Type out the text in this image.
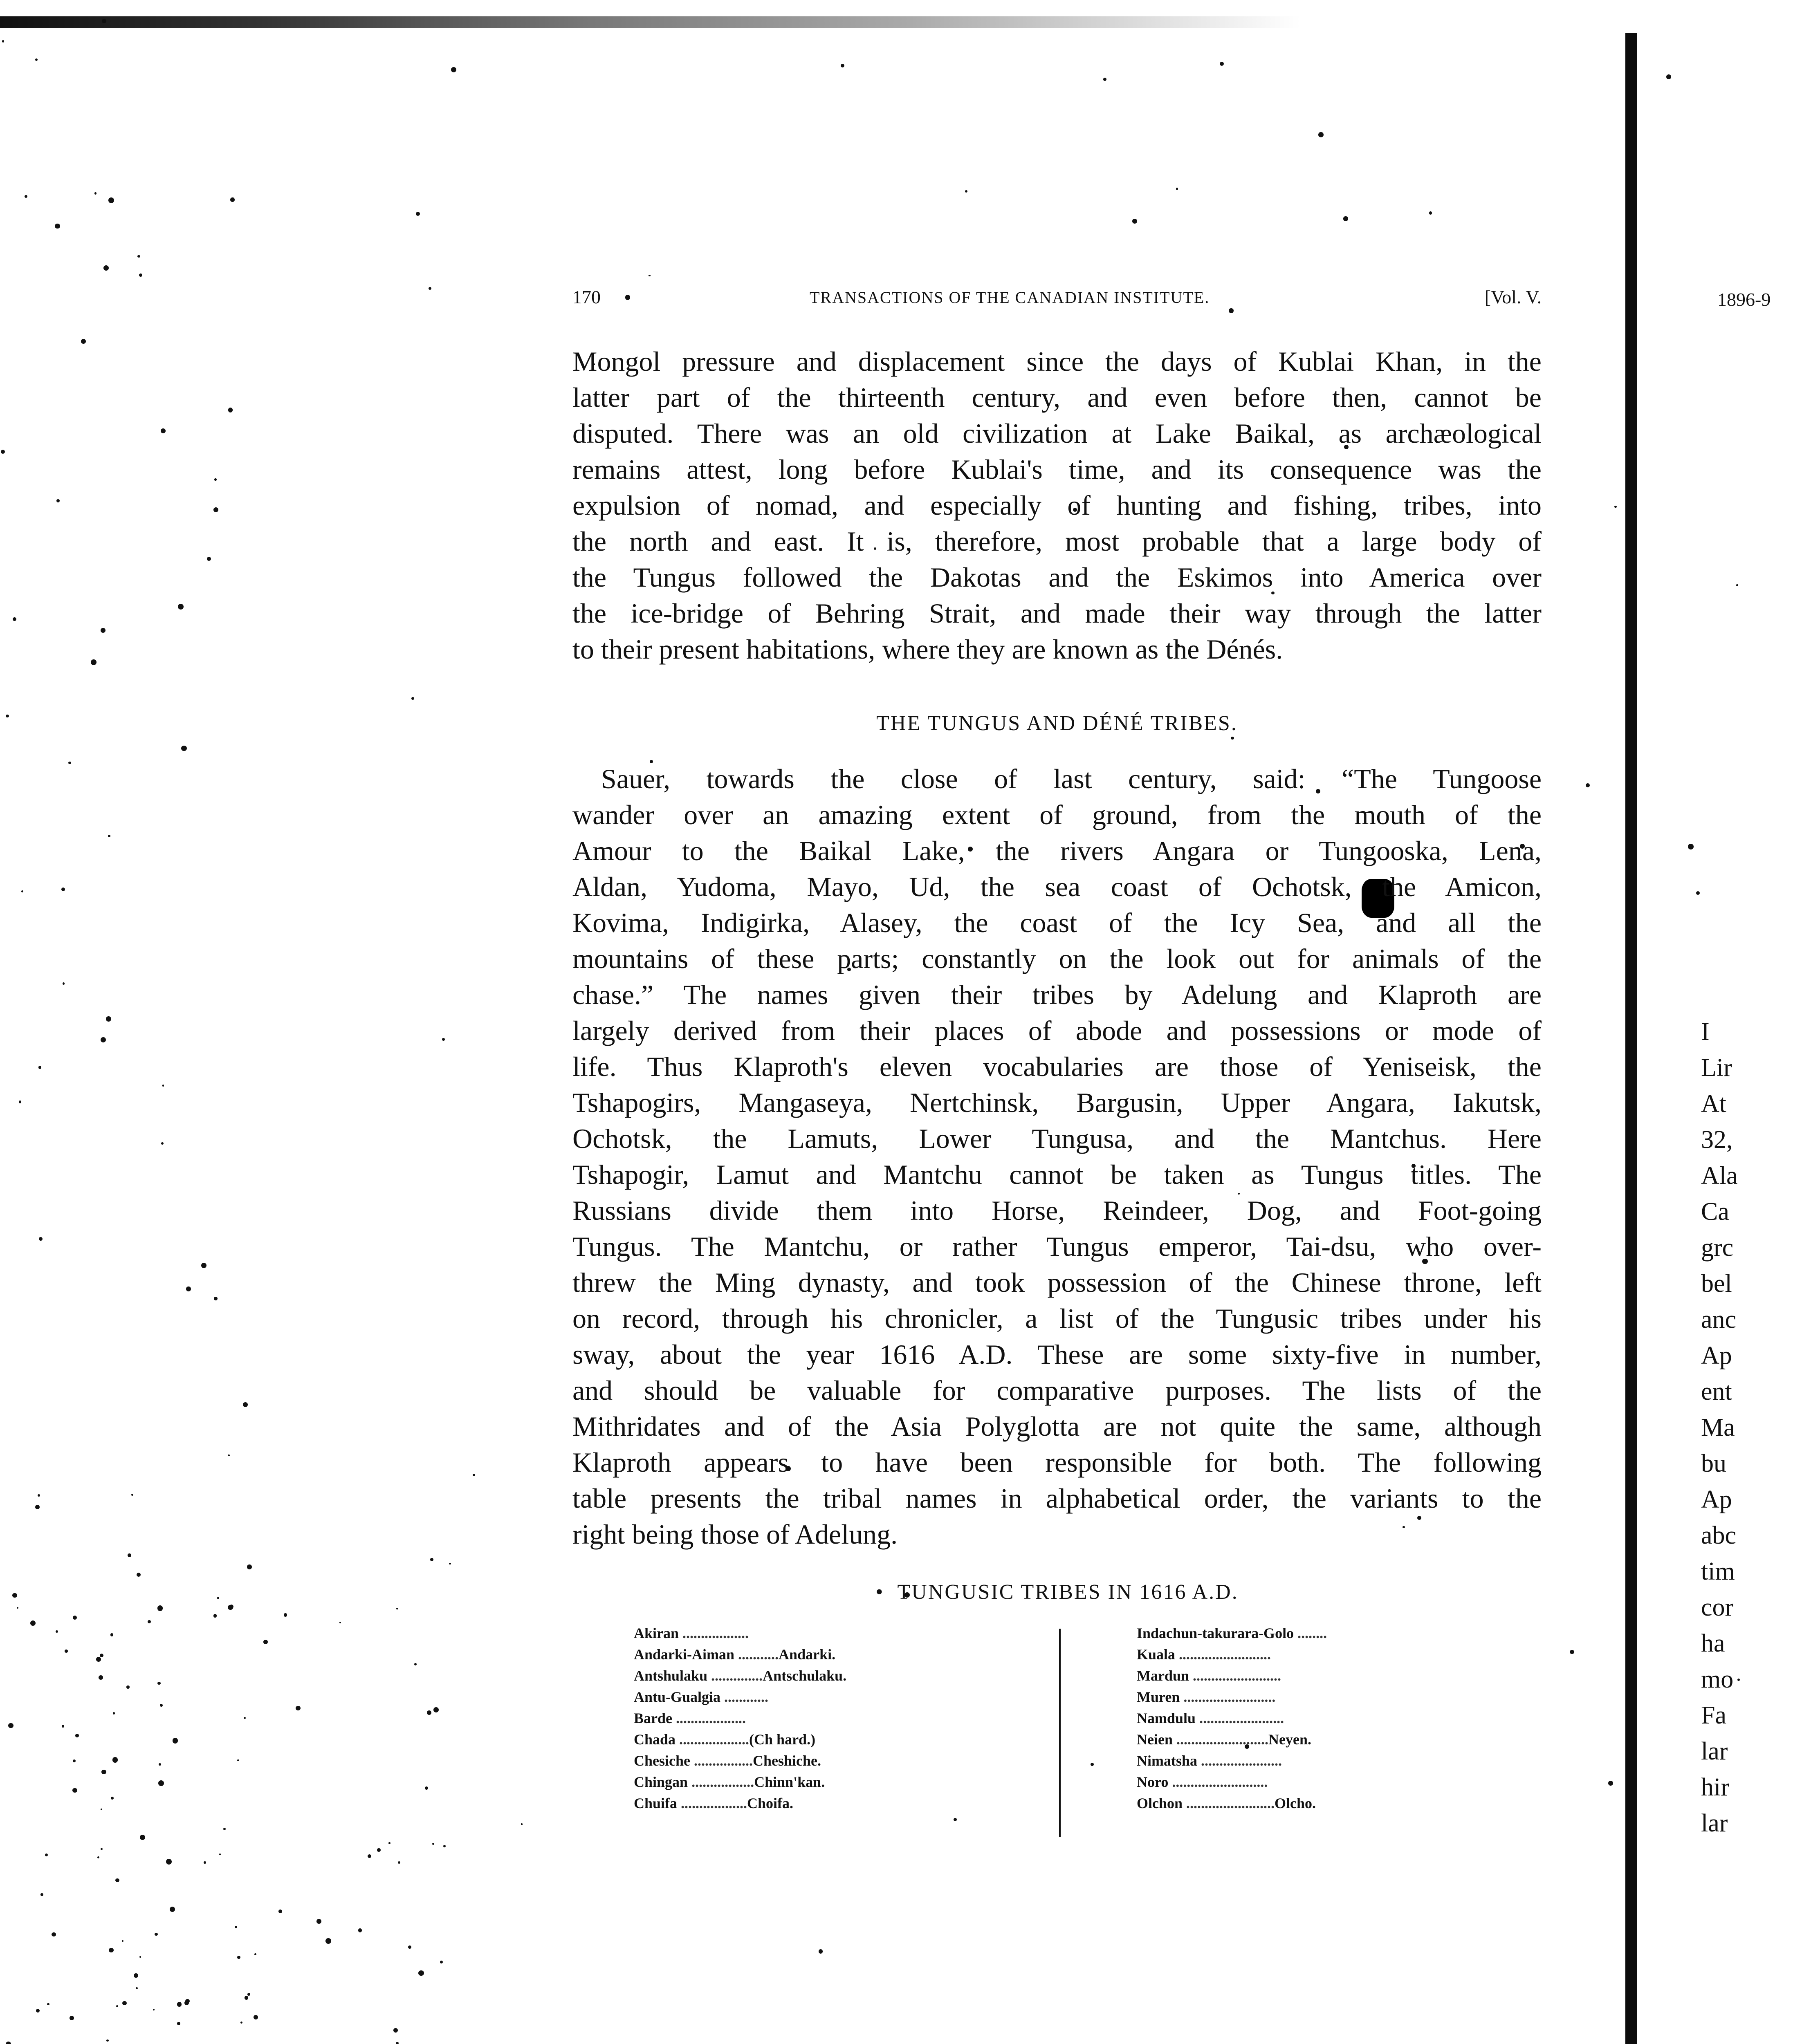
1896-9
I
Lir
At
32,
Ala
Ca
grc
bel
anc
Ap
ent
Ma
bu
Ap
abc
tim
cor
ha
mo
Fa
lar
hir
lar
170	TRANSACTIONS OF THE CANADIAN INSTITUTE.	[Vol. V.

Mongol pressure and displacement since the days of Kublai Khan, in the
latter part of the thirteenth century, and even before then, cannot be
disputed. There was an old civilization at Lake Baikal, as archæological
remains attest, long before Kublai's time, and its consequence was the
expulsion of nomad, and especially of hunting and fishing, tribes, into
the north and east. It is, therefore, most probable that a large body of
the Tungus followed the Dakotas and the Eskimos into America over
the ice-bridge of Behring Strait, and made their way through the latter
to their present habitations, where they are known as the Dénés.

THE TUNGUS AND DÉNÉ TRIBES.

Sauer, towards the close of last century, said: “The Tungoose
wander over an amazing extent of ground, from the mouth of the
Amour to the Baikal Lake, the rivers Angara or Tungooska, Lena,
Aldan, Yudoma, Mayo, Ud, the sea coast of Ochotsk, the Amicon,
Kovima, Indigirka, Alasey, the coast of the Icy Sea, and all the
mountains of these parts; constantly on the look out for animals of the
chase.” The names given their tribes by Adelung and Klaproth are
largely derived from their places of abode and possessions or mode of
life. Thus Klaproth's eleven vocabularies are those of Yeniseisk, the
Tshapogirs, Mangaseya, Nertchinsk, Bargusin, Upper Angara, Iakutsk,
Ochotsk, the Lamuts, Lower Tungusa, and the Mantchus. Here
Tshapogir, Lamut and Mantchu cannot be taken as Tungus titles. The
Russians divide them into Horse, Reindeer, Dog, and Foot-going
Tungus. The Mantchu, or rather Tungus emperor, Tai-dsu, who over-
threw the Ming dynasty, and took possession of the Chinese throne, left
on record, through his chronicler, a list of the Tungusic tribes under his
sway, about the year 1616 A.D. These are some sixty-five in number,
and should be valuable for comparative purposes. The lists of the
Mithridates and of the Asia Polyglotta are not quite the same, although
Klaproth appears to have been responsible for both. The following
table presents the tribal names in alphabetical order, the variants to the
right being those of Adelung.

•  TUNGUSIC TRIBES IN 1616 A.D.
Akiran ..................
Andarki-Aiman ...........Andarki.
Antshulaku ..............Antschulaku.
Antu-Gualgia ............
Barde ...................
Chada ...................(Ch hard.)
Chesiche ................Cheshiche.
Chingan .................Chinn'kan.
Chuifa ..................Choifa.
Indachun-takurara-Golo ........
Kuala .........................
Mardun ........................
Muren .........................
Namdulu .......................
Neien .........................Neyen.
Nimatsha ......................
Noro ..........................
Olchon ........................Olcho.
